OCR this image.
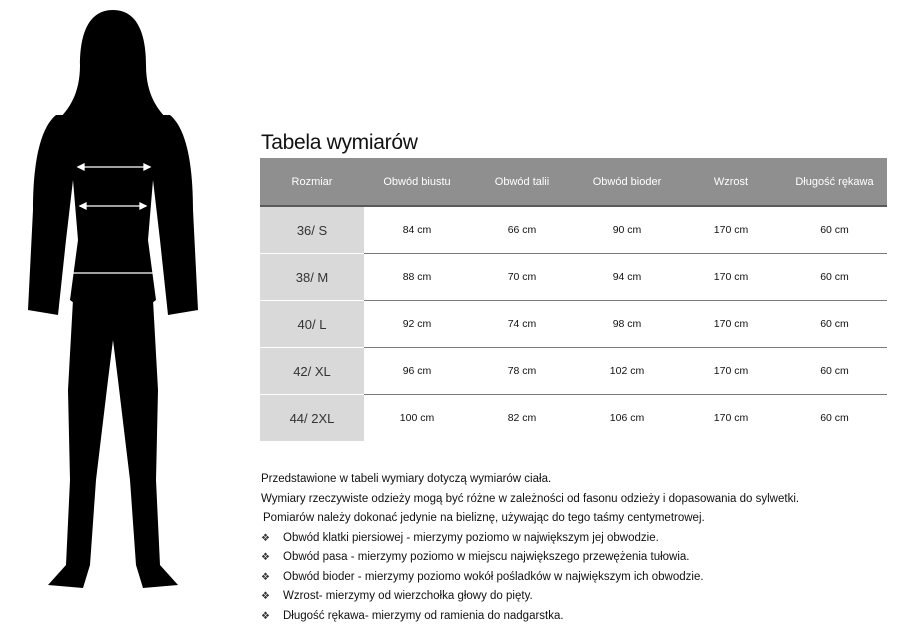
Tabela wymiarów
Rozmiar	Obwód biustu	Obwód talii	Obwód bioder	Wzrost	Długość rękawa
36/ S	84 cm	66 cm	90 cm	170 cm	60 cm
38/ M	88 cm	70 cm	94 cm	170 cm	60 cm
40/ L	92 cm	74 cm	98 cm	170 cm	60 cm
42/ XL	96 cm	78 cm	102 cm	170 cm	60 cm
44/ 2XL	100 cm	82 cm	106 cm	170 cm	60 cm

Przedstawione w tabeli wymiary dotyczą wymiarów ciała.

Wymiary rzeczywiste odzieży mogą być różne w zależności od fasonu odzieży i dopasowania do sylwetki.

Pomiarów należy dokonać jedynie na bieliznę, używając do tego taśmy centymetrowej.

❖	Obwód klatki piersiowej - mierzymy poziomo w największym jej obwodzie.
❖	Obwód pasa - mierzymy poziomo w miejscu największego przewężenia tułowia.
❖	Obwód bioder - mierzymy poziomo wokół pośladków w największym ich obwodzie.
❖	Wzrost- mierzymy od wierzchołka głowy do pięty.
❖	Długość rękawa- mierzymy od ramienia do nadgarstka.
